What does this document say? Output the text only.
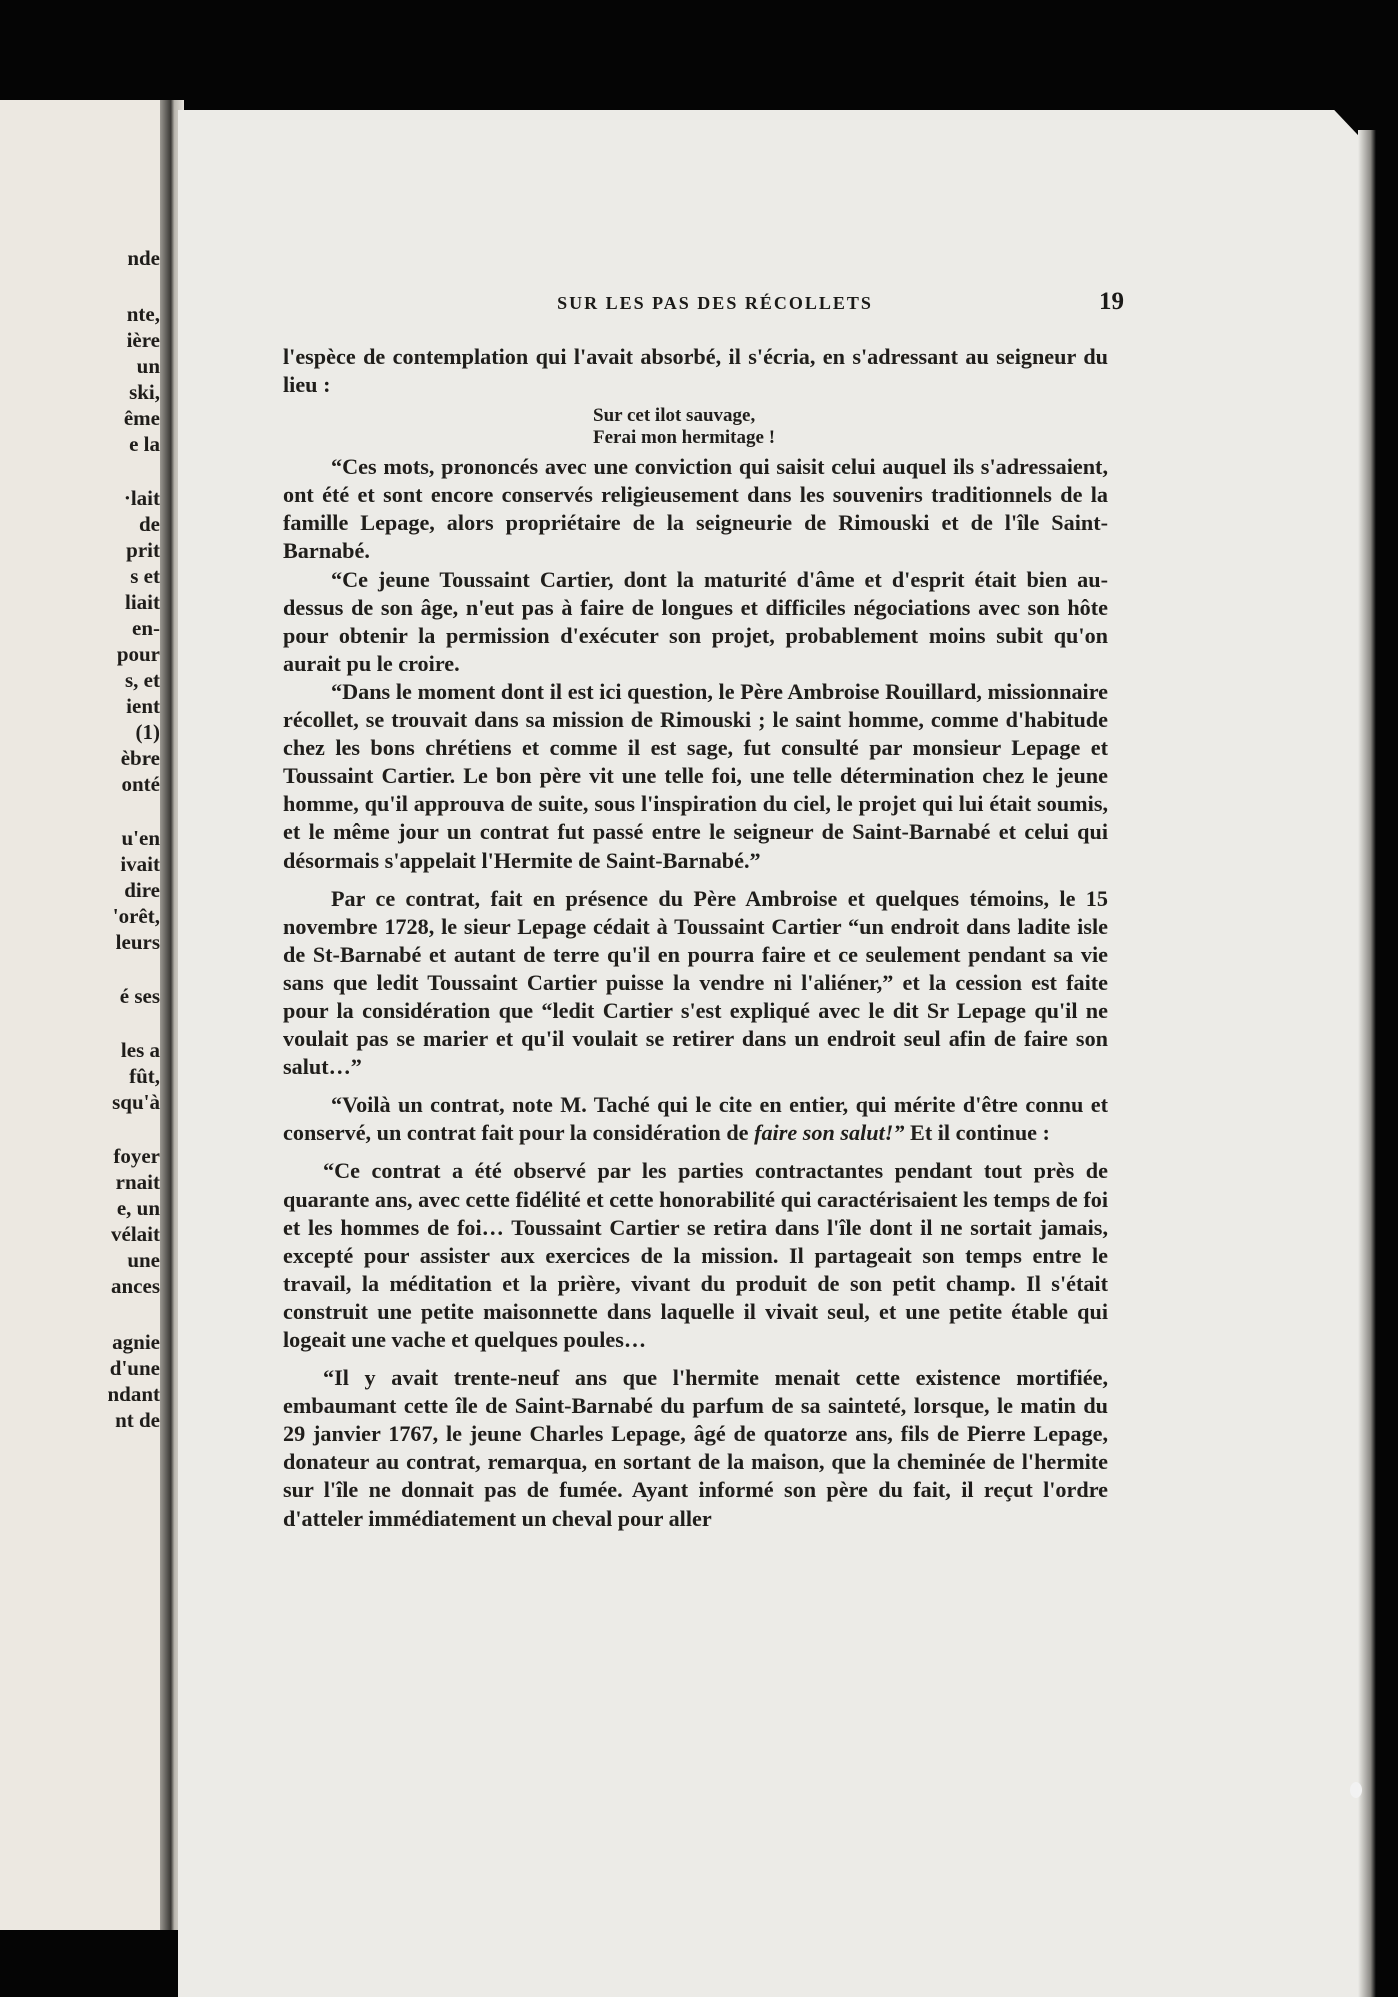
nde
nte,
ière
un
ski,
ême
e la
·lait
de
prit
s et
liait
en-
pour
s, et
ient
(1)
èbre
onté
u'en
ivait
dire
'orêt,
leurs
é ses
les a
fût,
squ'à
foyer
rnait
e, un
vélait
une
ances
agnie
d'une
ndant
nt de
SUR LES PAS DES RÉCOLLETS	19

l'espèce de contemplation qui l'avait absorbé, il s'écria, en s'adressant au seigneur du lieu :

Sur cet ilot sauvage,
Ferai mon hermitage !

“Ces mots, prononcés avec une conviction qui saisit celui auquel ils s'adressaient, ont été et sont encore conservés religieusement dans les souvenirs traditionnels de la famille Lepage, alors propriétaire de la seigneurie de Rimouski et de l'île Saint-Barnabé.

“Ce jeune Toussaint Cartier, dont la maturité d'âme et d'esprit était bien au-dessus de son âge, n'eut pas à faire de longues et difficiles négociations avec son hôte pour obtenir la permission d'exécuter son projet, probablement moins subit qu'on aurait pu le croire.

“Dans le moment dont il est ici question, le Père Ambroise Rouillard, missionnaire récollet, se trouvait dans sa mission de Rimouski ; le saint homme, comme d'habitude chez les bons chrétiens et comme il est sage, fut consulté par monsieur Lepage et Toussaint Cartier. Le bon père vit une telle foi, une telle détermination chez le jeune homme, qu'il approuva de suite, sous l'inspiration du ciel, le projet qui lui était soumis, et le même jour un contrat fut passé entre le seigneur de Saint-Barnabé et celui qui désormais s'appelait l'Hermite de Saint-Barnabé.”

Par ce contrat, fait en présence du Père Ambroise et quelques témoins, le 15 novembre 1728, le sieur Lepage cédait à Toussaint Cartier “un endroit dans ladite isle de St-Barnabé et autant de terre qu'il en pourra faire et ce seulement pendant sa vie sans que ledit Toussaint Cartier puisse la vendre ni l'aliéner,” et la cession est faite pour la considération que “ledit Cartier s'est expliqué avec le dit Sr Lepage qu'il ne voulait pas se marier et qu'il voulait se retirer dans un endroit seul afin de faire son salut…”

“Voilà un contrat, note M. Taché qui le cite en entier, qui mérite d'être connu et conservé, un contrat fait pour la considération de faire son salut!” Et il continue :

“Ce contrat a été observé par les parties contractantes pendant tout près de quarante ans, avec cette fidélité et cette honorabilité qui caractérisaient les temps de foi et les hommes de foi… Toussaint Cartier se retira dans l'île dont il ne sortait jamais, excepté pour assister aux exercices de la mission. Il partageait son temps entre le travail, la méditation et la prière, vivant du produit de son petit champ. Il s'était construit une petite maisonnette dans laquelle il vivait seul, et une petite étable qui logeait une vache et quelques poules…

“Il y avait trente-neuf ans que l'hermite menait cette existence mortifiée, embaumant cette île de Saint-Barnabé du parfum de sa sainteté, lorsque, le matin du 29 janvier 1767, le jeune Charles Lepage, âgé de quatorze ans, fils de Pierre Lepage, donateur au contrat, remarqua, en sortant de la maison, que la cheminée de l'hermite sur l'île ne donnait pas de fumée. Ayant informé son père du fait, il reçut l'ordre d'atteler immédiatement un cheval pour aller
